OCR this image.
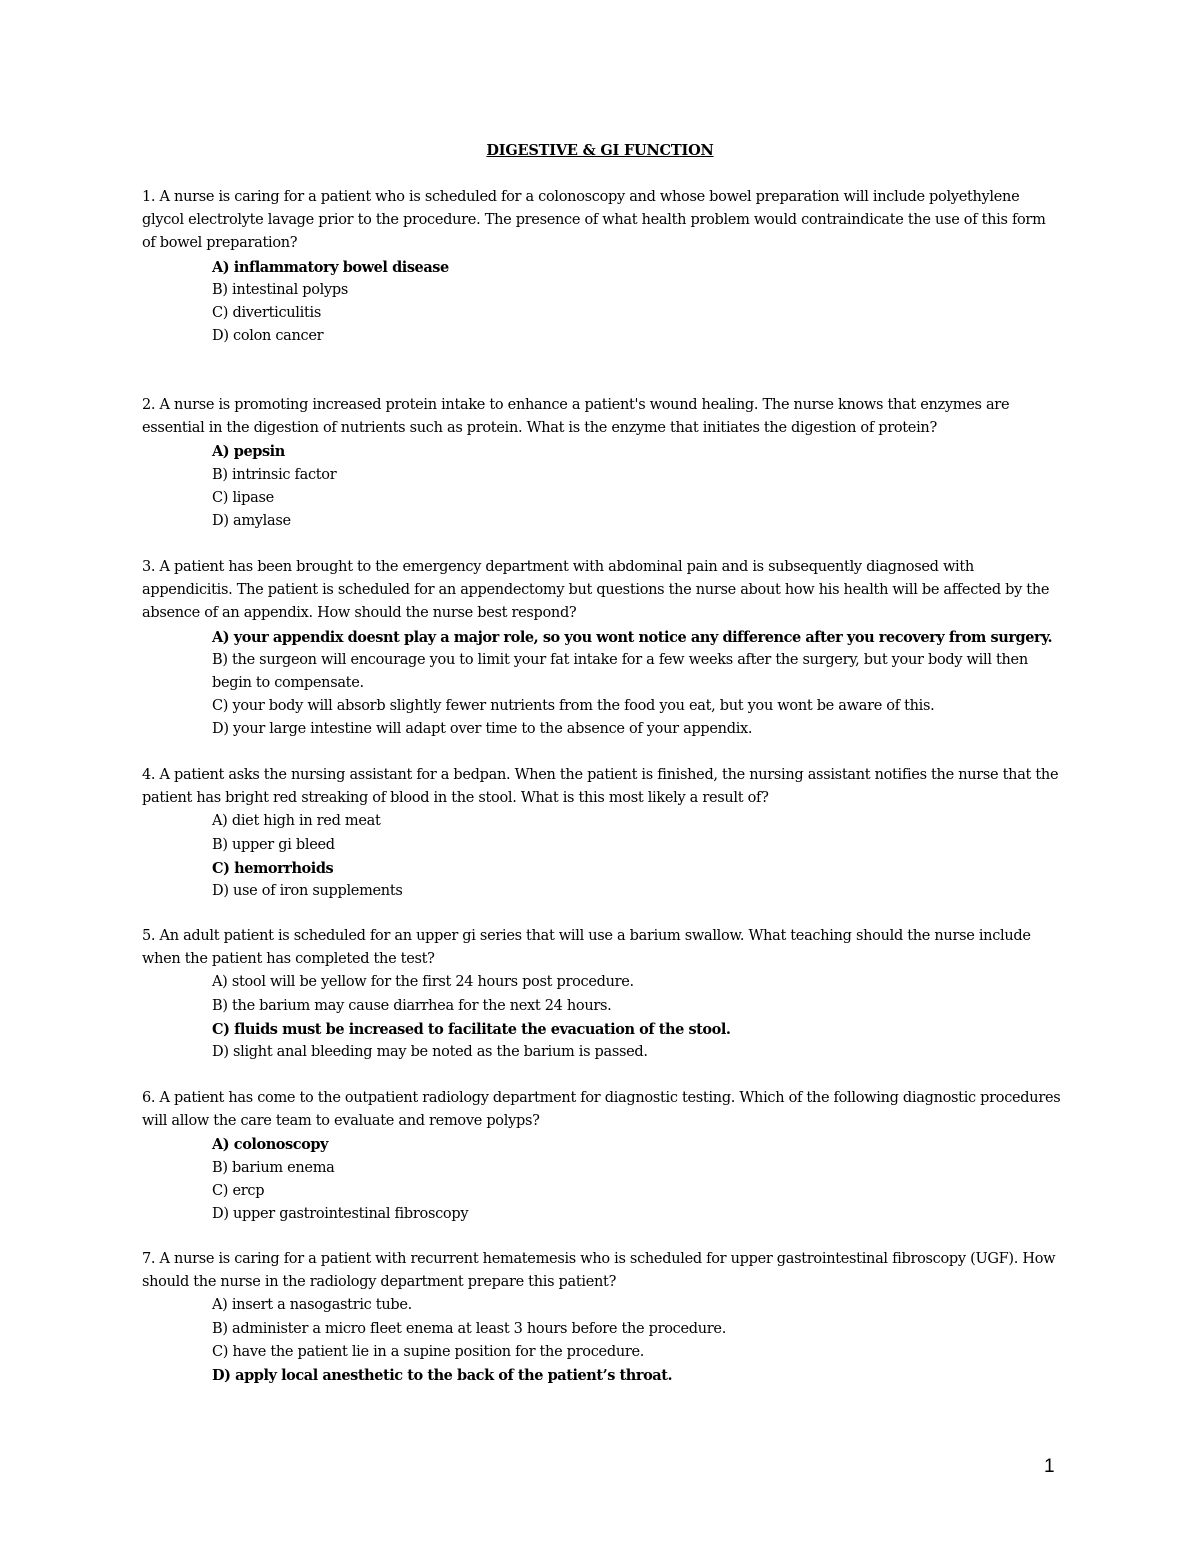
DIGESTIVE & GI FUNCTION

1. A nurse is caring for a patient who is scheduled for a colonoscopy and whose bowel preparation will include polyethylene glycol electrolyte lavage prior to the procedure. The presence of what health problem would contraindicate the use of this form of bowel preparation?

A) inflammatory bowel disease
B) intestinal polyps
C) diverticulitis
D) colon cancer

2. A nurse is promoting increased protein intake to enhance a patient's wound healing. The nurse knows that enzymes are essential in the digestion of nutrients such as protein. What is the enzyme that initiates the digestion of protein?

A) pepsin
B) intrinsic factor
C) lipase
D) amylase

3. A patient has been brought to the emergency department with abdominal pain and is subsequently diagnosed with appendicitis. The patient is scheduled for an appendectomy but questions the nurse about how his health will be affected by the absence of an appendix. How should the nurse best respond?

A) your appendix doesnt play a major role, so you wont notice any difference after you recovery from surgery.
B) the surgeon will encourage you to limit your fat intake for a few weeks after the surgery, but your body will then begin to compensate.
C) your body will absorb slightly fewer nutrients from the food you eat, but you wont be aware of this.
D) your large intestine will adapt over time to the absence of your appendix.

4. A patient asks the nursing assistant for a bedpan. When the patient is finished, the nursing assistant notifies the nurse that the patient has bright red streaking of blood in the stool. What is this most likely a result of?

A) diet high in red meat
B) upper gi bleed
C) hemorrhoids
D) use of iron supplements

5. An adult patient is scheduled for an upper gi series that will use a barium swallow. What teaching should the nurse include when the patient has completed the test?

A) stool will be yellow for the first 24 hours post procedure.
B) the barium may cause diarrhea for the next 24 hours.
C) fluids must be increased to facilitate the evacuation of the stool.
D) slight anal bleeding may be noted as the barium is passed.

6. A patient has come to the outpatient radiology department for diagnostic testing. Which of the following diagnostic procedures will allow the care team to evaluate and remove polyps?

A) colonoscopy
B) barium enema
C) ercp
D) upper gastrointestinal fibroscopy

7. A nurse is caring for a patient with recurrent hematemesis who is scheduled for upper gastrointestinal fibroscopy (UGF). How should the nurse in the radiology department prepare this patient?

A) insert a nasogastric tube.
B) administer a micro fleet enema at least 3 hours before the procedure.
C) have the patient lie in a supine position for the procedure.
D) apply local anesthetic to the back of the patient’s throat.
1
